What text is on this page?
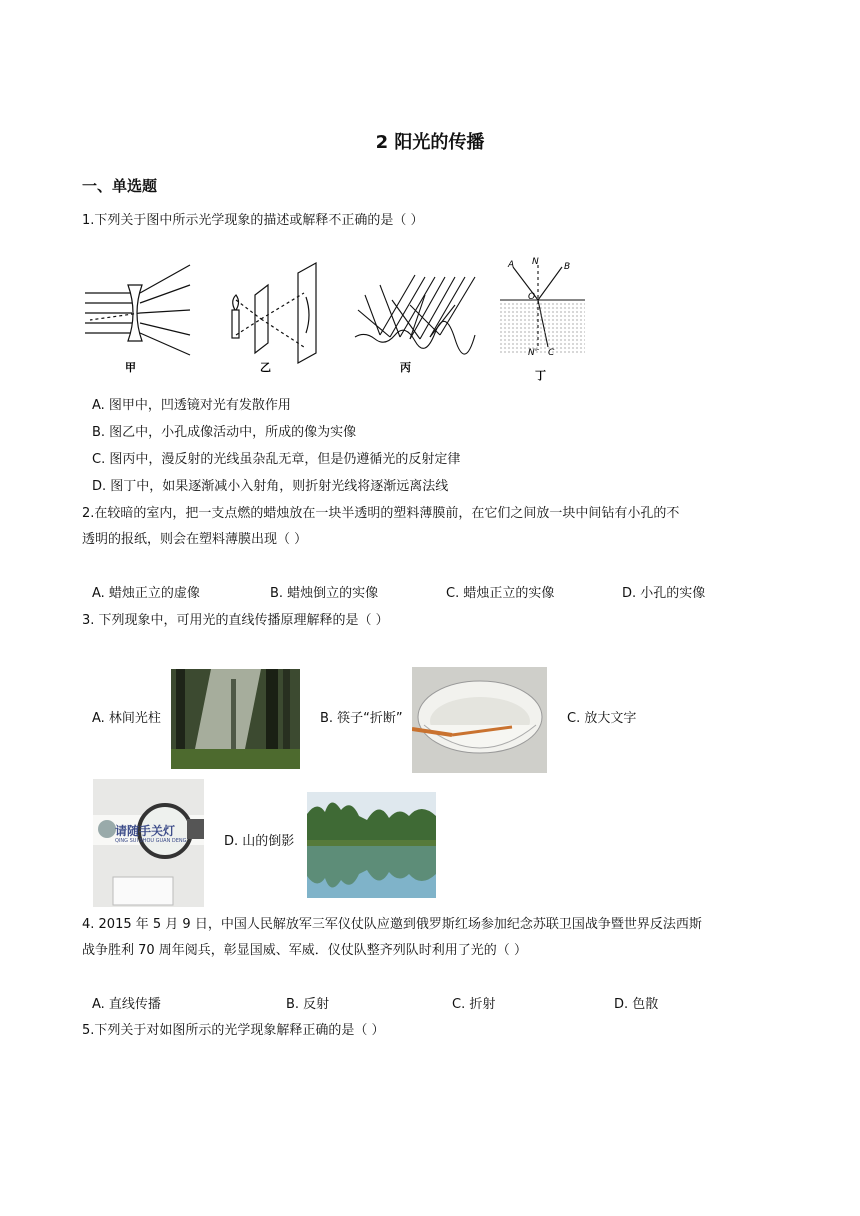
2 阳光的传播
一、单选题
1.下列关于图中所示光学现象的描述或解释不正确的是（ ）
甲	乙	丙
A N	B
O
N' C
丁
A. 图甲中，凹透镜对光有发散作用
B. 图乙中，小孔成像活动中，所成的像为实像
C. 图丙中，漫反射的光线虽杂乱无章，但是仍遵循光的反射定律
D. 图丁中，如果逐渐减小入射角，则折射光线将逐渐远离法线
2.在较暗的室内，把一支点燃的蜡烛放在一块半透明的塑料薄膜前，在它们之间放一块中间钻有小孔的不
透明的报纸，则会在塑料薄膜出现（ ）
A. 蜡烛正立的虚像	B. 蜡烛倒立的实像	C. 蜡烛正立的实像	D. 小孔的实像
3. 下列现象中，可用光的直线传播原理解释的是（ ）
A. 林间光柱	B. 筷子“折断”	C. 放大文字
请随手关灯
QING SUI SHOU GUAN DENG	D. 山的倒影
4. 2015 年 5 月 9 日，中国人民解放军三军仪仗队应邀到俄罗斯红场参加纪念苏联卫国战争暨世界反法西斯
战争胜利 70 周年阅兵，彰显国威、军威．仪仗队整齐列队时利用了光的（ ）
A. 直线传播	B. 反射	C. 折射	D. 色散
5.下列关于对如图所示的光学现象解释正确的是（ ）
